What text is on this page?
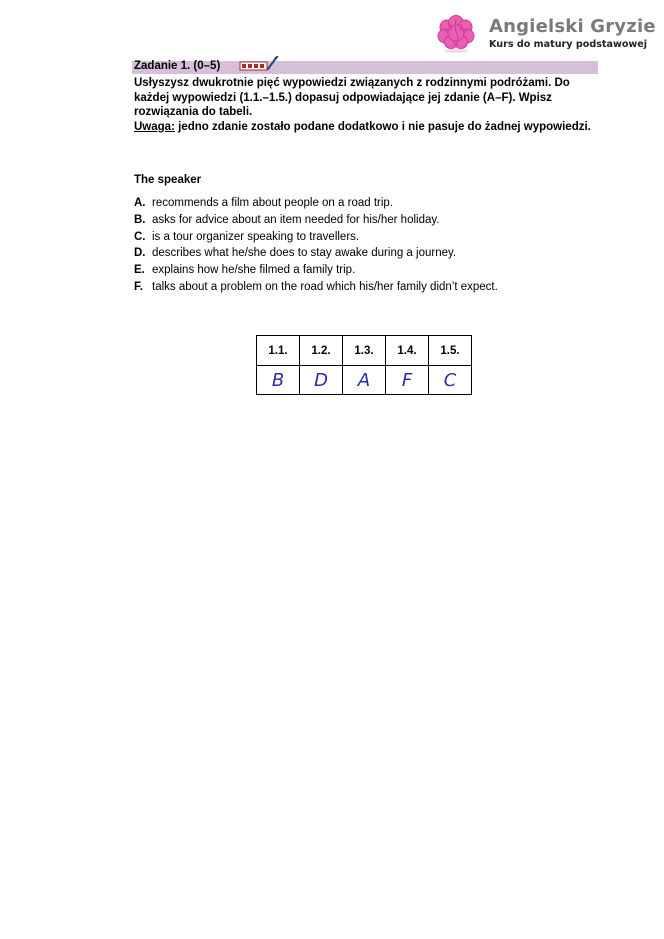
Angielski Gryzie
Kurs do matury podstawowej
Zadanie 1. (0–5)

Usłyszysz dwukrotnie pięć wypowiedzi związanych z rodzinnymi podróżami. Do każdej wypowiedzi (1.1.–1.5.) dopasuj odpowiadające jej zdanie (A–F). Wpisz rozwiązania do tabeli.

Uwaga: jedno zdanie zostało podane dodatkowo i nie pasuje do żadnej wypowiedzi.

The speaker
A. recommends a film about people on a road trip.
B. asks for advice about an item needed for his/her holiday.
C. is a tour organizer speaking to travellers.
D. describes what he/she does to stay awake during a journey.
E. explains how he/she filmed a family trip.
F. talks about a problem on the road which his/her family didn’t expect.
1.1.	1.2.	1.3.	1.4.	1.5.
B	D	A	F	C
